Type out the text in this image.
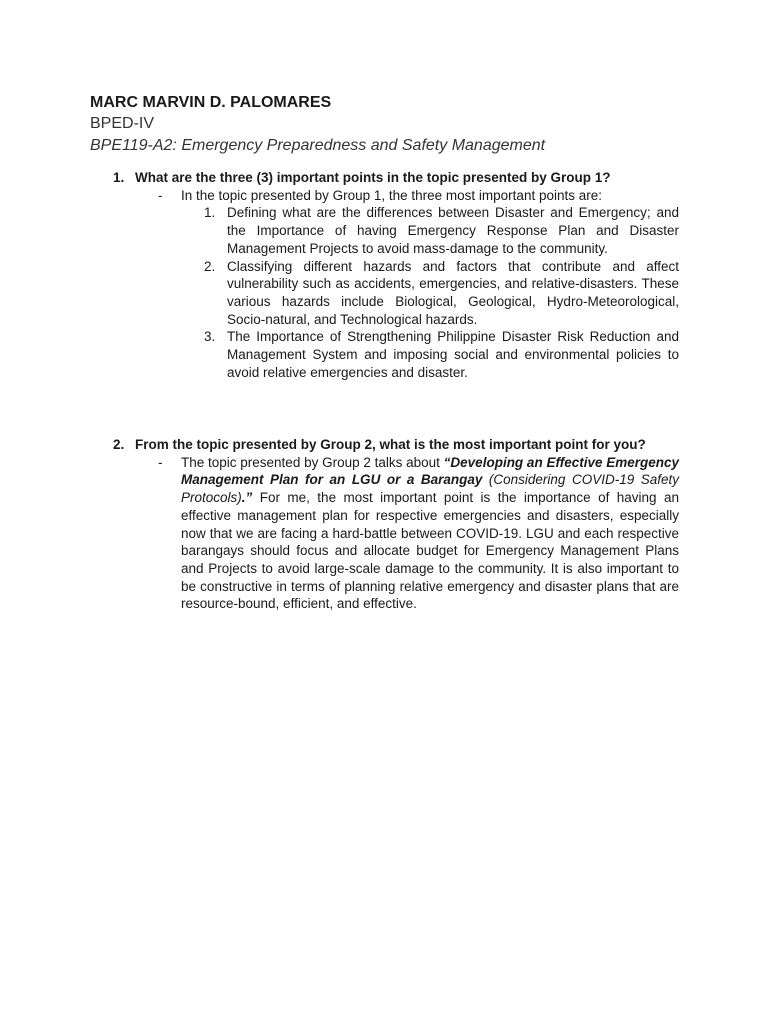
MARC MARVIN D. PALOMARES
BPED-IV
BPE119-A2: Emergency Preparedness and Safety Management
1. What are the three (3) important points in the topic presented by Group 1?
-	In the topic presented by Group 1, the three most important points are:
1. Defining what are the differences between Disaster and Emergency; and the Importance of having Emergency Response Plan and Disaster Management Projects to avoid mass-damage to the community.
2. Classifying different hazards and factors that contribute and affect vulnerability such as accidents, emergencies, and relative-disasters. These various hazards include Biological, Geological, Hydro-Meteorological, Socio-natural, and Technological hazards.
3. The Importance of Strengthening Philippine Disaster Risk Reduction and Management System and imposing social and environmental policies to avoid relative emergencies and disaster.
2. From the topic presented by Group 2, what is the most important point for you?
-	The topic presented by Group 2 talks about “Developing an Effective Emergency Management Plan for an LGU or a Barangay (Considering COVID-19 Safety Protocols).” For me, the most important point is the importance of having an effective management plan for respective emergencies and disasters, especially now that we are facing a hard-battle between COVID-19. LGU and each respective barangays should focus and allocate budget for Emergency Management Plans and Projects to avoid large-scale damage to the community. It is also important to be constructive in terms of planning relative emergency and disaster plans that are resource-bound, efficient, and effective.
